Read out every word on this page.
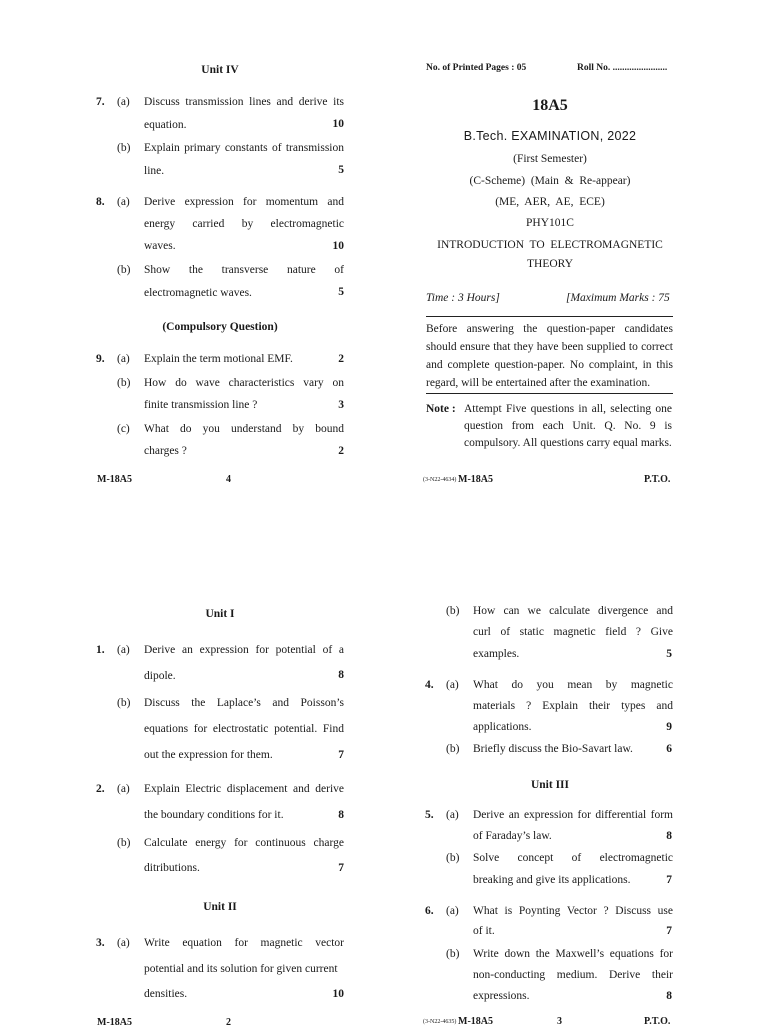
Unit IV
7. (a) Discuss transmission lines and derive its
equation.	10
(b) Explain primary constants of transmission
line.	5
8. (a) Derive expression for momentum and
energy carried by electromagnetic
waves.	10
(b) Show the transverse nature of
electromagnetic waves.	5
(Compulsory Question)
9. (a) Explain the term motional EMF.	2
(b) How do wave characteristics vary on
finite transmission line ?	3
(c) What do you understand by bound
charges ?	2
M-18A5	4
No. of Printed Pages : 05	Roll No. .......................
18A5
B.Tech. EXAMINATION, 2022
(First Semester)
(C-Scheme)  (Main  &  Re-appear)
(ME,  AER,  AE,  ECE)
PHY101C
INTRODUCTION  TO  ELECTROMAGNETIC
THEORY
Time : 3 Hours]	[Maximum Marks : 75
Before answering the question-paper candidates
should ensure that they have been supplied to correct
and complete question-paper. No complaint, in this
regard, will be entertained after the examination.
Note : Attempt Five questions in all, selecting one
question from each Unit. Q. No. 9 is
compulsory. All questions carry equal marks.
(3-N22-4634) M-18A5	P.T.O.
Unit I
1. (a) Derive an expression for potential of a
dipole.	8
(b) Discuss the Laplace’s and Poisson’s
equations for electrostatic potential. Find
out the expression for them.	7
2. (a) Explain Electric displacement and derive
the boundary conditions for it.	8
(b) Calculate energy for continuous charge
ditributions.	7
Unit II
3. (a) Write equation for magnetic vector
potential and its solution for given current
densities.	10
M-18A5	2
(b) How can we calculate divergence and
curl of static magnetic field ? Give
examples.	5
4. (a) What do you mean by magnetic
materials ? Explain their types and
applications.	9
(b) Briefly discuss the Bio-Savart law.	6
Unit III
5. (a) Derive an expression for differential form
of Faraday’s law.	8
(b) Solve concept of electromagnetic
breaking and give its applications.	7
6. (a) What is Poynting Vector ? Discuss use
of it.	7
(b) Write down the Maxwell’s equations for
non-conducting medium. Derive their
expressions.	8
(3-N22-4635) M-18A5	3	P.T.O.
